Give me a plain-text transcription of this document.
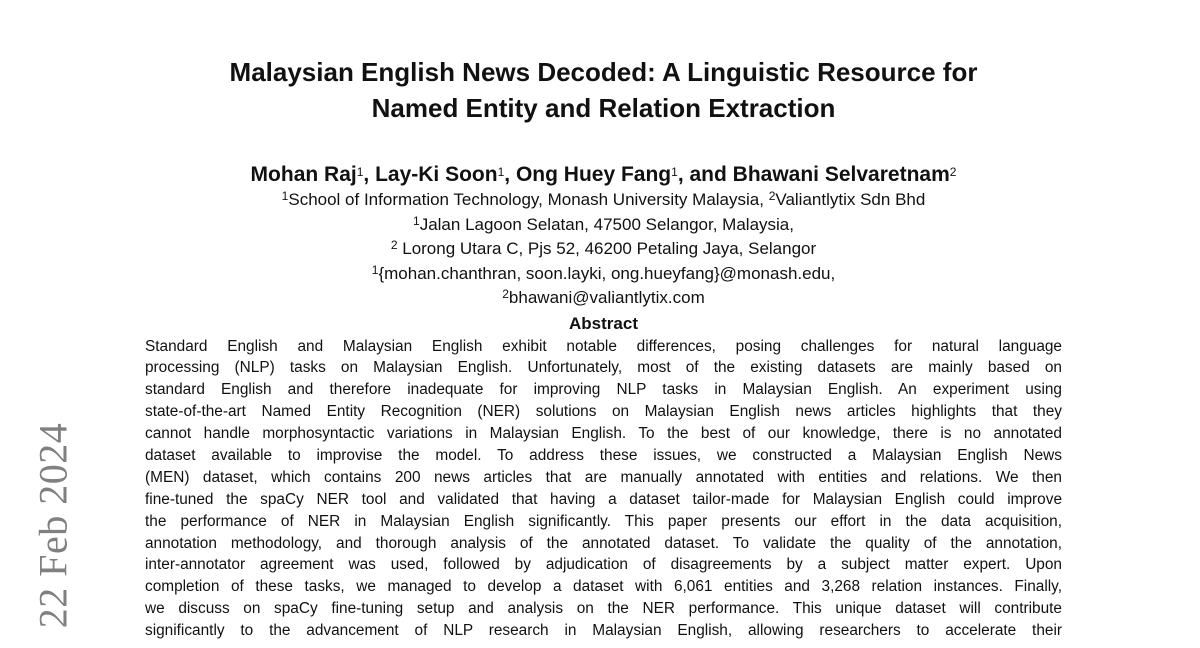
22 Feb 2024
Malaysian English News Decoded: A Linguistic Resource for
Named Entity and Relation Extraction
Mohan Raj$^1$, Lay-Ki Soon$^1$, Ong Huey Fang$^1$, and Bhawani Selvaretnam$^2$
$^1$School of Information Technology, Monash University Malaysia, $^2$Valiantlytix Sdn Bhd
$^1$Jalan Lagoon Selatan, 47500 Selangor, Malaysia,
$^2$ Lorong Utara C, Pjs 52, 46200 Petaling Jaya, Selangor
$^1${mohan.chanthran, soon.layki, ong.hueyfang}@monash.edu,
$^2$bhawani@valiantlytix.com
Abstract
Standard English and Malaysian English exhibit notable differences, posing challenges for natural language
processing (NLP) tasks on Malaysian English. Unfortunately, most of the existing datasets are mainly based on
standard English and therefore inadequate for improving NLP tasks in Malaysian English. An experiment using
state-of-the-art Named Entity Recognition (NER) solutions on Malaysian English news articles highlights that they
cannot handle morphosyntactic variations in Malaysian English. To the best of our knowledge, there is no annotated
dataset available to improvise the model. To address these issues, we constructed a Malaysian English News
(MEN) dataset, which contains 200 news articles that are manually annotated with entities and relations. We then
fine-tuned the spaCy NER tool and validated that having a dataset tailor-made for Malaysian English could improve
the performance of NER in Malaysian English significantly. This paper presents our effort in the data acquisition,
annotation methodology, and thorough analysis of the annotated dataset. To validate the quality of the annotation,
inter-annotator agreement was used, followed by adjudication of disagreements by a subject matter expert. Upon
completion of these tasks, we managed to develop a dataset with 6,061 entities and 3,268 relation instances. Finally,
we discuss on spaCy fine-tuning setup and analysis on the NER performance. This unique dataset will contribute
significantly to the advancement of NLP research in Malaysian English, allowing researchers to accelerate their
